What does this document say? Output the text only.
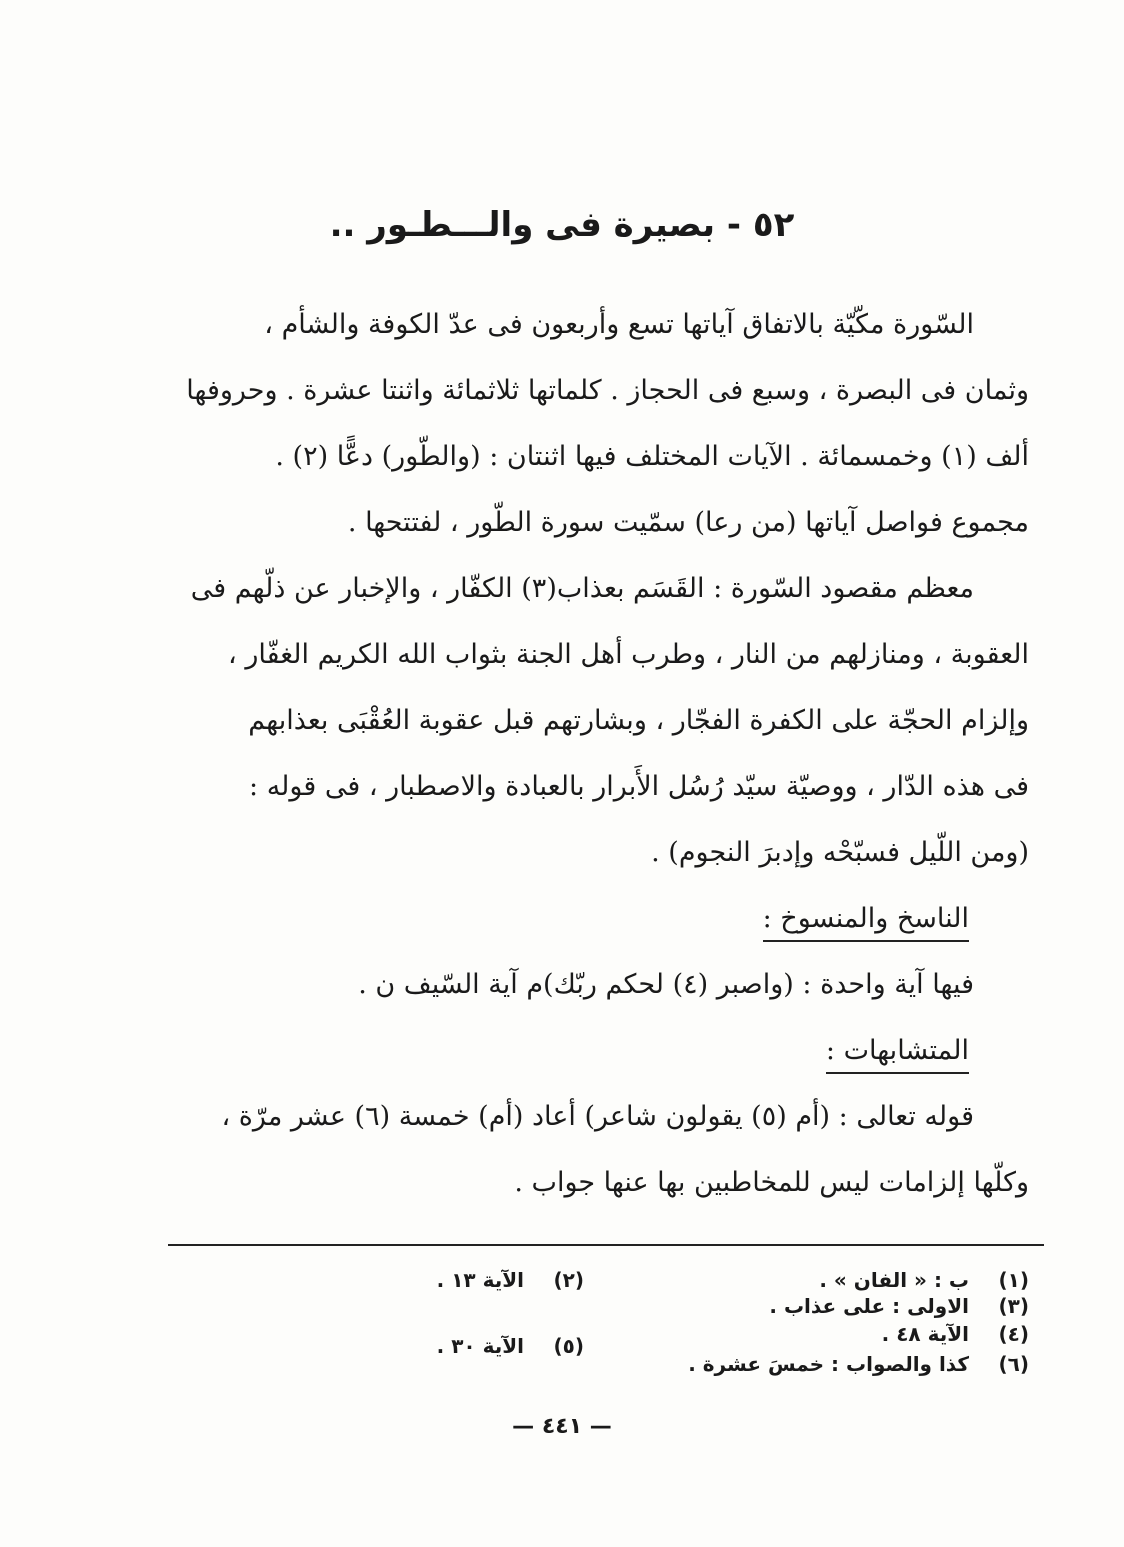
٥٢ - بصيرة فى والـــطـور ..
السّورة مكّيّة بالاتفاق آياتها تسع وأربعون فى عدّ الكوفة والشأم ،
وثمان فى البصرة ، وسبع فى الحجاز . كلماتها ثلاثمائة واثنتا عشرة . وحروفها
ألف (١) وخمسمائة . الآيات المختلف فيها اثنتان : (والطّور) دعًّا (٢) .
مجموع فواصل آياتها (من رعا) سمّيت سورة الطّور ، لفتتحها .
معظم مقصود السّورة : القَسَم بعذاب(٣) الكفّار ، والإخبار عن ذلّهم فى
العقوبة ، ومنازلهم من النار ، وطرب أهل الجنة بثواب الله الكريم الغفّار ،
وإلزام الحجّة على الكفرة الفجّار ، وبشارتهم قبل عقوبة العُقْبَى بعذابهم
فى هذه الدّار ، ووصيّة سيّد رُسُل الأَبرار بالعبادة والاصطبار ، فى قوله :
(ومن اللّيل فسبّحْه وإدبرَ النجوم) .
الناسخ والمنسوخ :
فيها آية واحدة : (واصبر (٤) لحكم ربّك)م آية السّيف ن .
المتشابهات :
قوله تعالى : (أم (٥) يقولون شاعر) أعاد (أم) خمسة (٦) عشر مرّة ،
وكلّها إلزامات ليس للمخاطبين بها عنها جواب .
(١)ب : « الفان » .
(٢)الآية ١٣ .
(٣)الاولى : على عذاب .
(٤)الآية ٤٨ .
(٥)الآية ٣٠ .
(٦)كذا والصواب : خمسَ عشرة .
— ٤٤١ —
